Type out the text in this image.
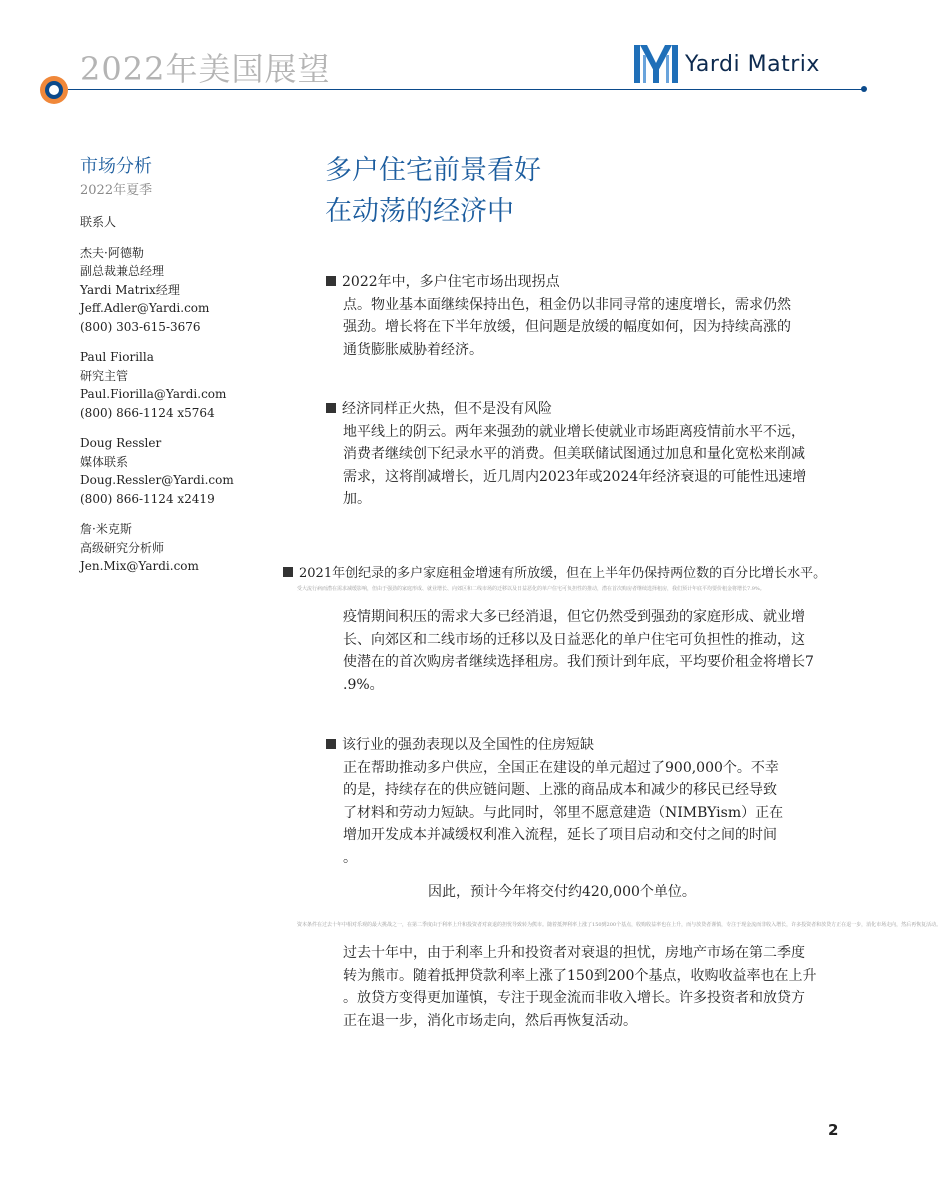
2022年美国展望	Yardi Matrix
市场分析
2022年夏季
联系人
杰夫·阿德勒
副总裁兼总经理
Yardi Matrix经理
Jeff.Adler@Yardi.com
(800) 303-615-3676
Paul Fiorilla
研究主管
Paul.Fiorilla@Yardi.com
(800) 866-1124 x5764
Doug Ressler
媒体联系
Doug.Ressler@Yardi.com
(800) 866-1124 x2419
詹·米克斯
高级研究分析师
Jen.Mix@Yardi.com
多户住宅前景看好
在动荡的经济中
2022年中，多户住宅市场出现拐点
点。物业基本面继续保持出色，租金仍以非同寻常的速度增长，需求仍然
强劲。增长将在下半年放缓，但问题是放缓的幅度如何，因为持续高涨的
通货膨胀威胁着经济。
经济同样正火热，但不是没有风险
地平线上的阴云。两年来强劲的就业增长使就业市场距离疫情前水平不远，
消费者继续创下纪录水平的消费。但美联储试图通过加息和量化宽松来削减
需求，这将削减增长，近几周内2023年或2024年经济衰退的可能性迅速增
加。
2021年创纪录的多户家庭租金增速有所放缓，但在上半年仍保持两位数的百分比增长水平。
受大流行病而潜在需求减缓影响，但由于强劲的家庭形成、就业增长、向郊区和二线市场的迁移以及日益恶化的单户住宅可负担性的推动，潜在首次购房者继续选择租房，我们预计年底平均要价租金将增长7.9%。
疫情期间积压的需求大多已经消退，但它仍然受到强劲的家庭形成、就业增
长、向郊区和二线市场的迁移以及日益恶化的单户住宅可负担性的推动，这
使潜在的首次购房者继续选择租房。我们预计到年底，平均要价租金将增长7
.9%。
该行业的强劲表现以及全国性的住房短缺
正在帮助推动多户供应，全国正在建设的单元超过了900,000个。不幸
的是，持续存在的供应链问题、上涨的商品成本和减少的移民已经导致
了材料和劳动力短缺。与此同时，邻里不愿意建造（NIMBYism）正在
增加开发成本并减缓权利准入流程，延长了项目启动和交付之间的时间
。
因此，预计今年将交付约420,000个单位。
资本条件在过去十年中相对乐观的最大挑战之一，在第二季度由于利率上升和投资者对衰退的担忧导致转为熊市。随着抵押利率上涨了150到200个基点，收购收益率也在上升，而与放贷者谨慎，专注于现金流而非收入增长，许多投资者和放贷方正在退一步，消化市场走向，然后再恢复活动。
过去十年中，由于利率上升和投资者对衰退的担忧，房地产市场在第二季度
转为熊市。随着抵押贷款利率上涨了150到200个基点，收购收益率也在上升
。放贷方变得更加谨慎，专注于现金流而非收入增长。许多投资者和放贷方
正在退一步，消化市场走向，然后再恢复活动。
2
